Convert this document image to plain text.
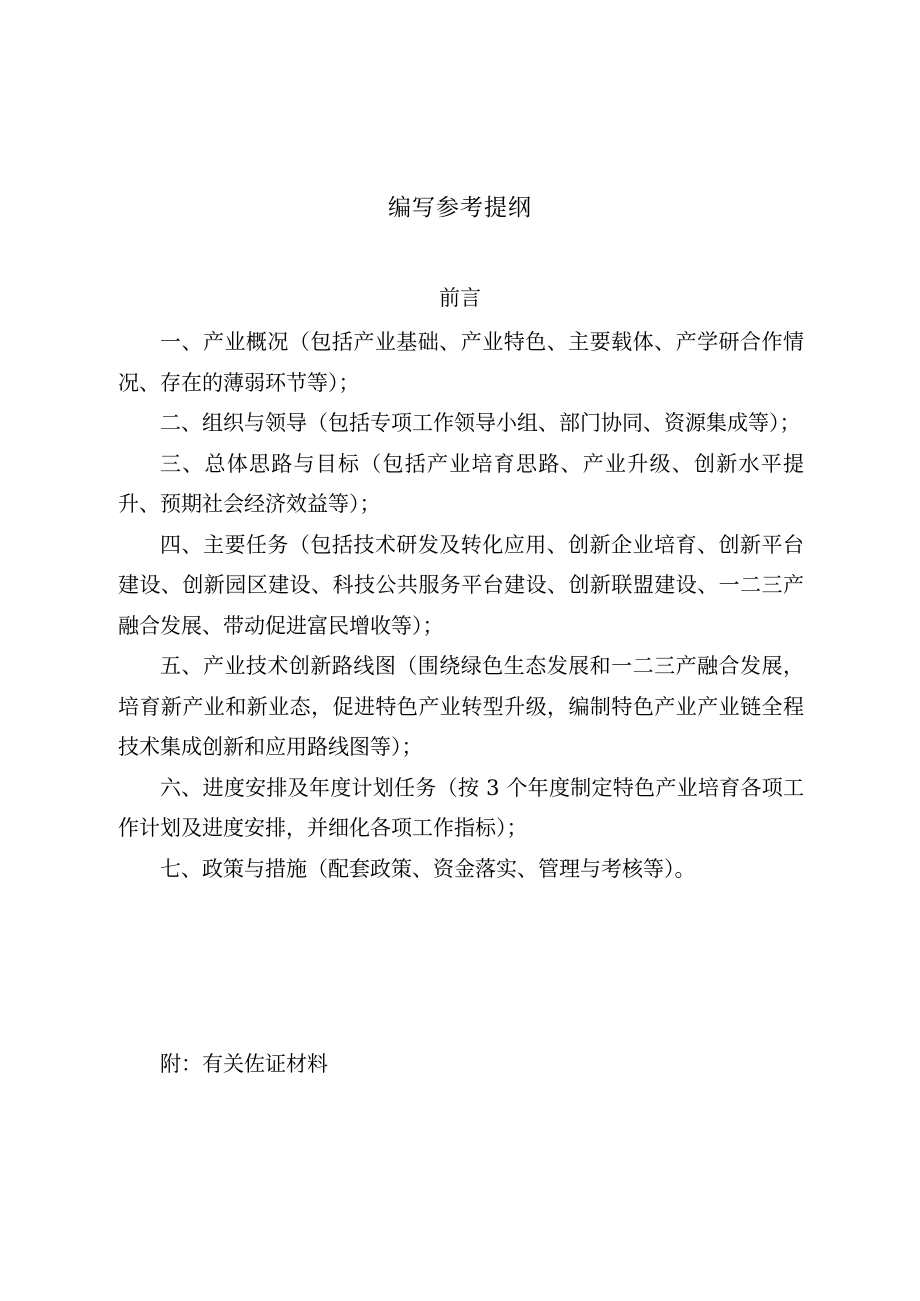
编写参考提纲
前言

一、产业概况（包括产业基础、产业特色、主要载体、产学研合作情况、存在的薄弱环节等）；

二、组织与领导（包括专项工作领导小组、部门协同、资源集成等）；

三、总体思路与目标（包括产业培育思路、产业升级、创新水平提升、预期社会经济效益等）；

四、主要任务（包括技术研发及转化应用、创新企业培育、创新平台建设、创新园区建设、科技公共服务平台建设、创新联盟建设、一二三产融合发展、带动促进富民增收等）；

五、产业技术创新路线图（围绕绿色生态发展和一二三产融合发展，培育新产业和新业态，促进特色产业转型升级，编制特色产业产业链全程技术集成创新和应用路线图等）；

六、进度安排及年度计划任务（按 3 个年度制定特色产业培育各项工作计划及进度安排，并细化各项工作指标）；

七、政策与措施（配套政策、资金落实、管理与考核等）。

附：有关佐证材料
